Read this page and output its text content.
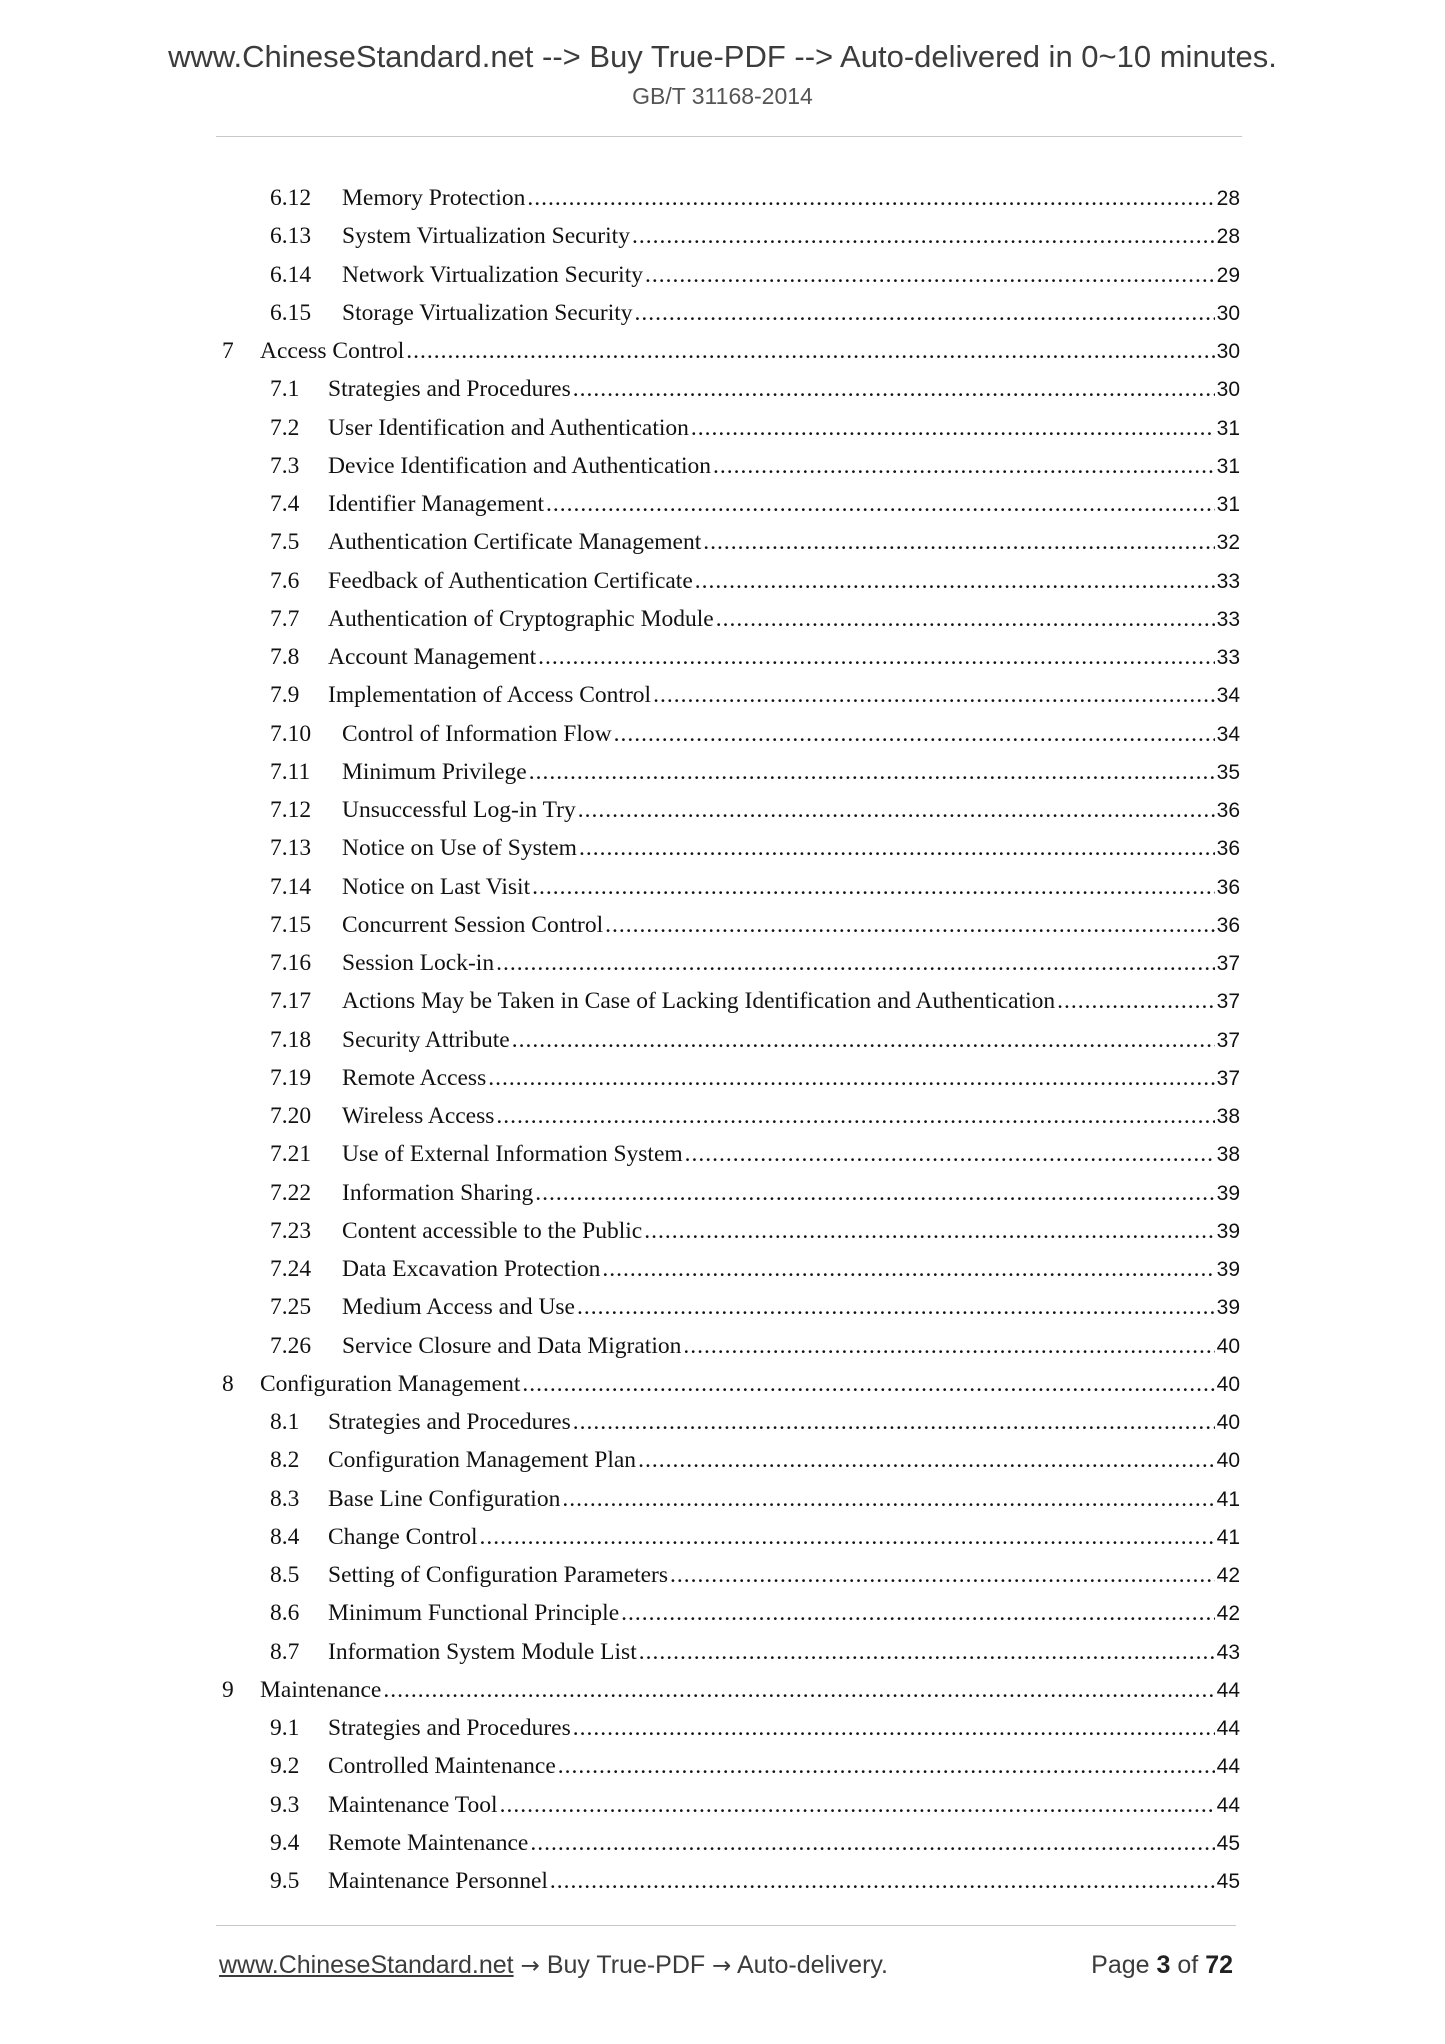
www.ChineseStandard.net --> Buy True-PDF --> Auto-delivered in 0~10 minutes.
GB/T 31168-2014
6.12	Memory Protection .....	28
6.13	System Virtualization Security .....	28
6.14	Network Virtualization Security .....	29
6.15	Storage Virtualization Security .....	30
7	Access Control .....	30
7.1	Strategies and Procedures .....	30
7.2	User Identification and Authentication .....	31
7.3	Device Identification and Authentication .....	31
7.4	Identifier Management .....	31
7.5	Authentication Certificate Management .....	32
7.6	Feedback of Authentication Certificate .....	33
7.7	Authentication of Cryptographic Module .....	33
7.8	Account Management .....	33
7.9	Implementation of Access Control .....	34
7.10	Control of Information Flow .....	34
7.11	Minimum Privilege .....	35
7.12	Unsuccessful Log-in Try .....	36
7.13	Notice on Use of System .....	36
7.14	Notice on Last Visit .....	36
7.15	Concurrent Session Control .....	36
7.16	Session Lock-in .....	37
7.17	Actions May be Taken in Case of Lacking Identification and Authentication .....	37
7.18	Security Attribute .....	37
7.19	Remote Access .....	37
7.20	Wireless Access .....	38
7.21	Use of External Information System .....	38
7.22	Information Sharing .....	39
7.23	Content accessible to the Public .....	39
7.24	Data Excavation Protection .....	39
7.25	Medium Access and Use .....	39
7.26	Service Closure and Data Migration .....	40
8	Configuration Management .....	40
8.1	Strategies and Procedures .....	40
8.2	Configuration Management Plan .....	40
8.3	Base Line Configuration .....	41
8.4	Change Control .....	41
8.5	Setting of Configuration Parameters .....	42
8.6	Minimum Functional Principle .....	42
8.7	Information System Module List .....	43
9	Maintenance .....	44
9.1	Strategies and Procedures .....	44
9.2	Controlled Maintenance .....	44
9.3	Maintenance Tool .....	44
9.4	Remote Maintenance .....	45
9.5	Maintenance Personnel .....	45
www.ChineseStandard.net → Buy True-PDF → Auto-delivery.	Page 3 of 72
